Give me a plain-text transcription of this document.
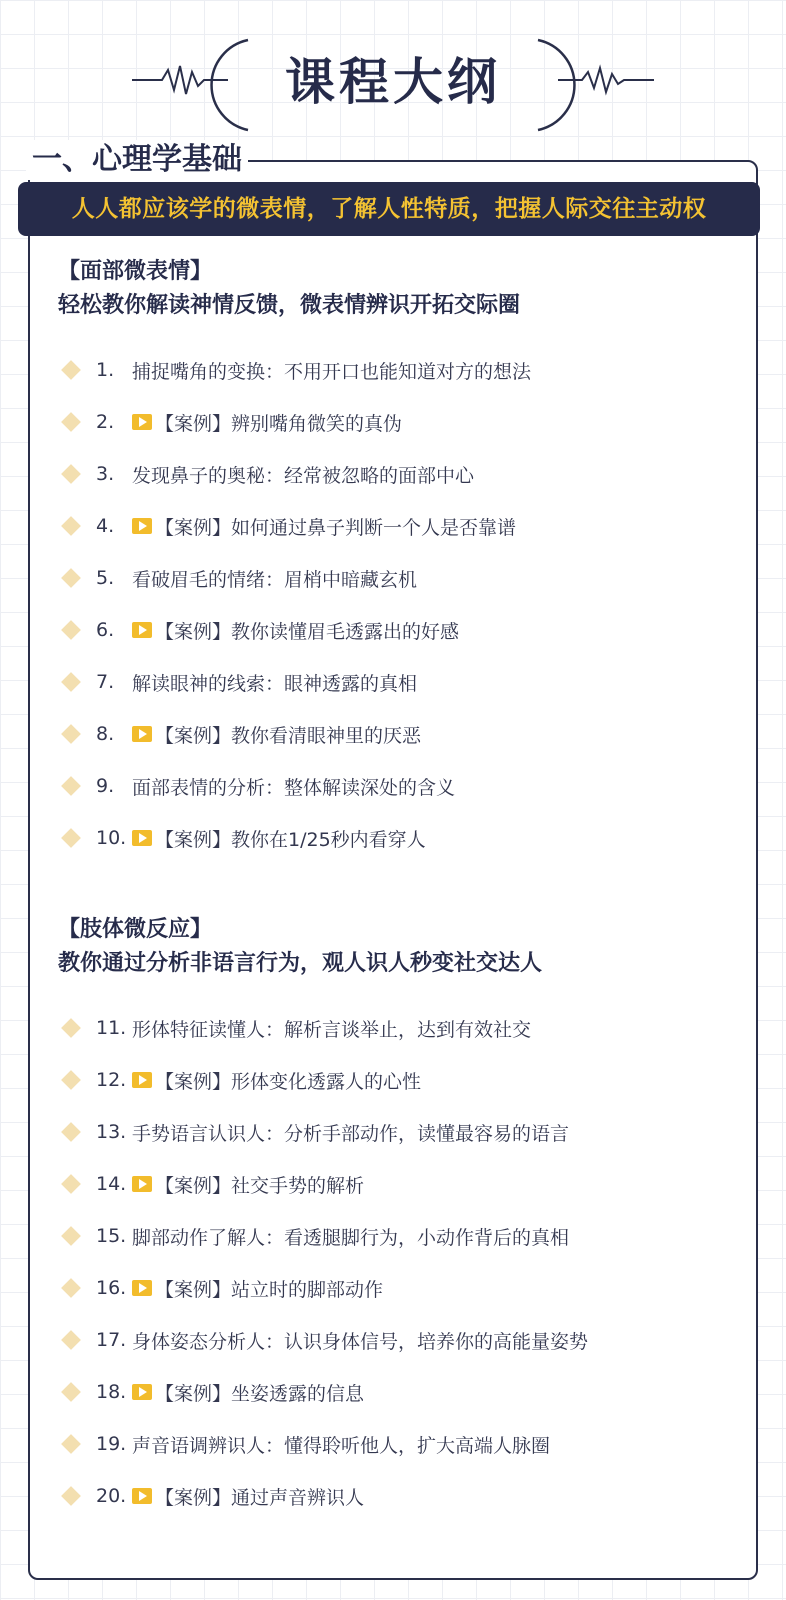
课程大纲
一、心理学基础
人人都应该学的微表情，了解人性特质，把握人际交往主动权
【面部微表情】
轻松教你解读神情反馈，微表情辨识开拓交际圈
1. 捕捉嘴角的变换：不用开口也能知道对方的想法
2.	【案例】辨别嘴角微笑的真伪
3. 发现鼻子的奥秘：经常被忽略的面部中心
4.	【案例】如何通过鼻子判断一个人是否靠谱
5. 看破眉毛的情绪：眉梢中暗藏玄机
6.	【案例】教你读懂眉毛透露出的好感
7. 解读眼神的线索：眼神透露的真相
8.	【案例】教你看清眼神里的厌恶
9. 面部表情的分析：整体解读深处的含义
10.	【案例】教你在1/25秒内看穿人
【肢体微反应】
教你通过分析非语言行为，观人识人秒变社交达人
11. 形体特征读懂人：解析言谈举止，达到有效社交
12.	【案例】形体变化透露人的心性
13. 手势语言认识人：分析手部动作，读懂最容易的语言
14.	【案例】社交手势的解析
15. 脚部动作了解人：看透腿脚行为，小动作背后的真相
16.	【案例】站立时的脚部动作
17. 身体姿态分析人：认识身体信号，培养你的高能量姿势
18.	【案例】坐姿透露的信息
19. 声音语调辨识人：懂得聆听他人，扩大高端人脉圈
20.	【案例】通过声音辨识人
